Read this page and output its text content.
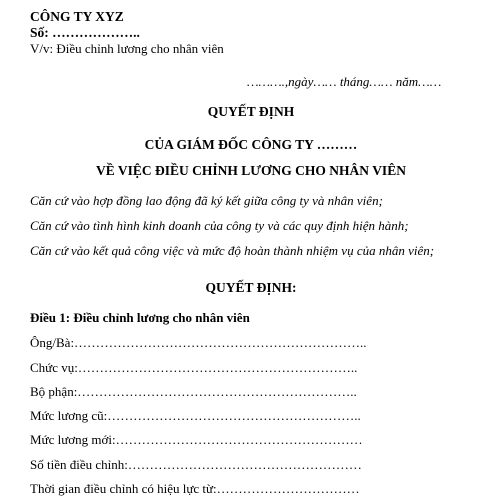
CÔNG TY XYZ
Số: ………………..
V/v: Điều chỉnh lương cho nhân viên
……….,ngày…… tháng…… năm……
QUYẾT ĐỊNH
CỦA GIÁM ĐỐC CÔNG TY ………
VỀ VIỆC ĐIỀU CHỈNH LƯƠNG CHO NHÂN VIÊN
Căn cứ vào hợp đồng lao động đã ký kết giữa công ty và nhân viên;
Căn cứ vào tình hình kinh doanh của công ty và các quy định hiện hành;
Căn cứ vào kết quả công việc và mức độ hoàn thành nhiệm vụ của nhân viên;
QUYẾT ĐỊNH:
Điều 1: Điều chỉnh lương cho nhân viên
Ông/Bà:…………………………………………………………..
Chức vụ:………………………………………………………..
Bộ phận:………………………………………………………..
Mức lương cũ:…………………………………………………..
Mức lương mới:…………………………………………………
Số tiền điều chỉnh:………………………………………………
Thời gian điều chỉnh có hiệu lực từ:……………………………
